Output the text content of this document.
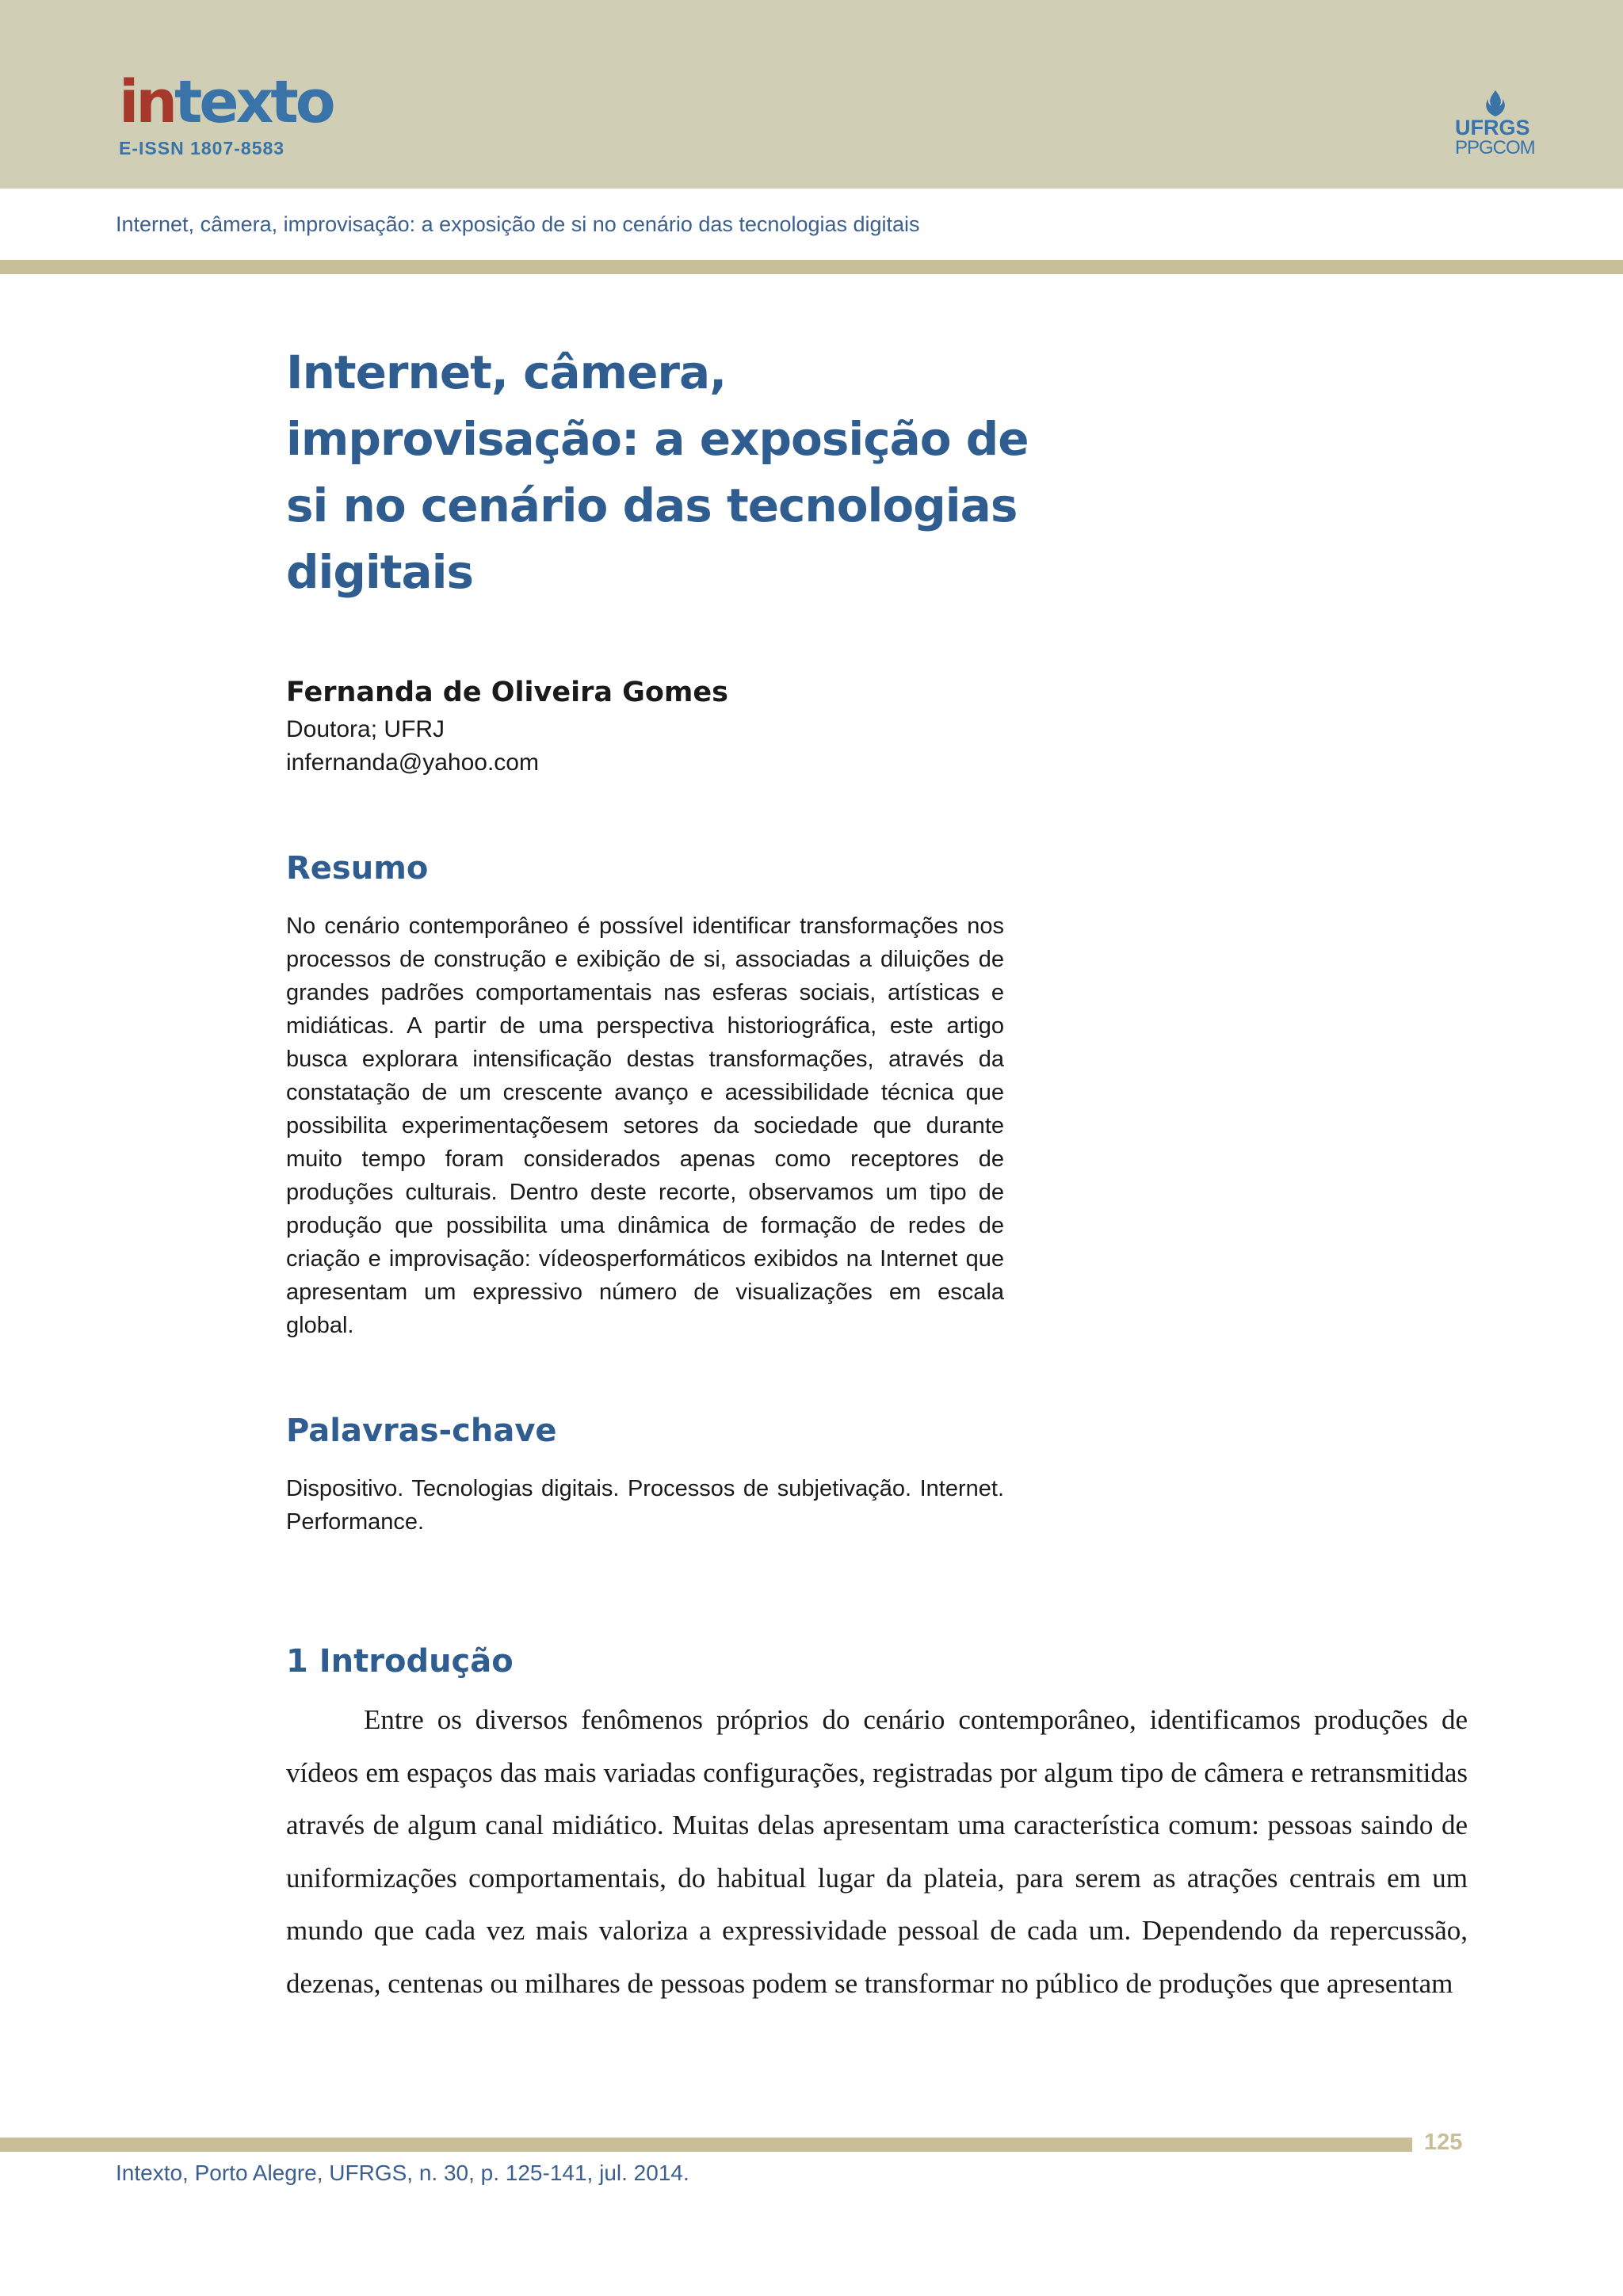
intexto
E-ISSN 1807-8583
UFRGS
PPGCOM
Internet, câmera, improvisação: a exposição de si no cenário das tecnologias digitais
Internet, câmera, improvisação: a exposição de si no cenário das tecnologias digitais
Fernanda de Oliveira Gomes
Doutora; UFRJ
infernanda@yahoo.com
Resumo
No cenário contemporâneo é possível identificar transformações nos processos de construção e exibição de si, associadas a diluições de grandes padrões comportamentais nas esferas sociais, artísticas e midiáticas. A partir de uma perspectiva historiográfica, este artigo busca explorara intensificação destas transformações, através da constatação de um crescente avanço e acessibilidade técnica que possibilita experimentaçõesem setores da sociedade que durante muito tempo foram considerados apenas como receptores de produções culturais. Dentro deste recorte, observamos um tipo de produção que possibilita uma dinâmica de formação de redes de criação e improvisação: vídeosperformáticos exibidos na Internet que apresentam um expressivo número de visualizações em escala global.
Palavras-chave
Dispositivo. Tecnologias digitais. Processos de subjetivação. Internet. Performance.
1 Introdução
Entre os diversos fenômenos próprios do cenário contemporâneo, identificamos produções de vídeos em espaços das mais variadas configurações, registradas por algum tipo de câmera e retransmitidas através de algum canal midiático. Muitas delas apresentam uma característica comum: pessoas saindo de uniformizações comportamentais, do habitual lugar da plateia, para serem as atrações centrais em um mundo que cada vez mais valoriza a expressividade pessoal de cada um. Dependendo da repercussão, dezenas, centenas ou milhares de pessoas podem se transformar no público de produções que apresentam
125
Intexto, Porto Alegre, UFRGS, n. 30, p. 125-141, jul. 2014.
